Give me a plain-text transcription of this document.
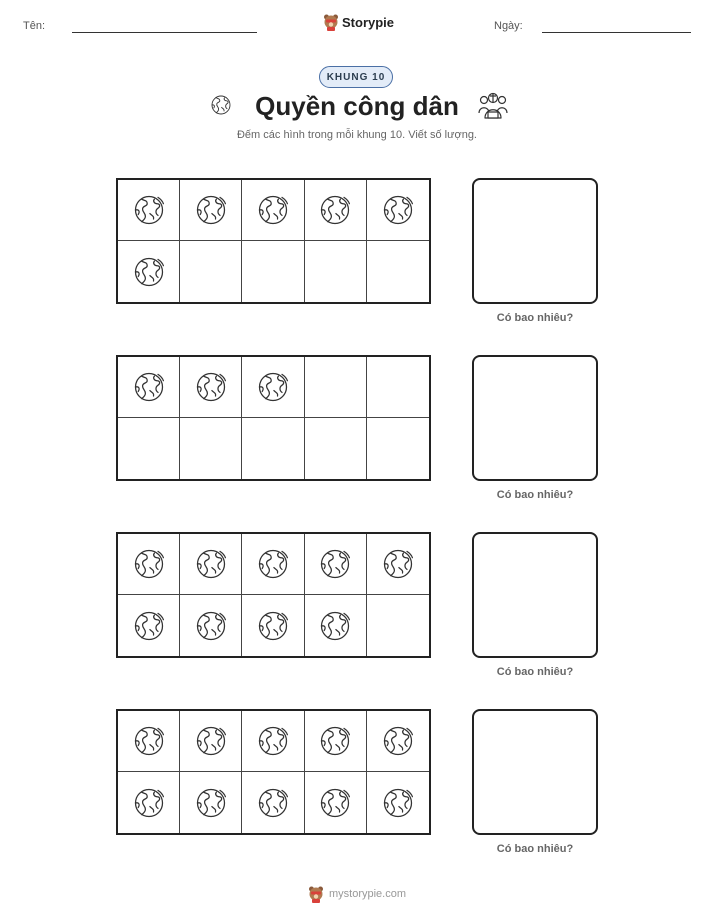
Tên:	Storypie	Ngày:
KHUNG 10
Quyền công dân
Đếm các hình trong mỗi khung 10. Viết số lượng.
Có bao nhiêu?
Có bao nhiêu?
Có bao nhiêu?
Có bao nhiêu?
mystorypie.com
